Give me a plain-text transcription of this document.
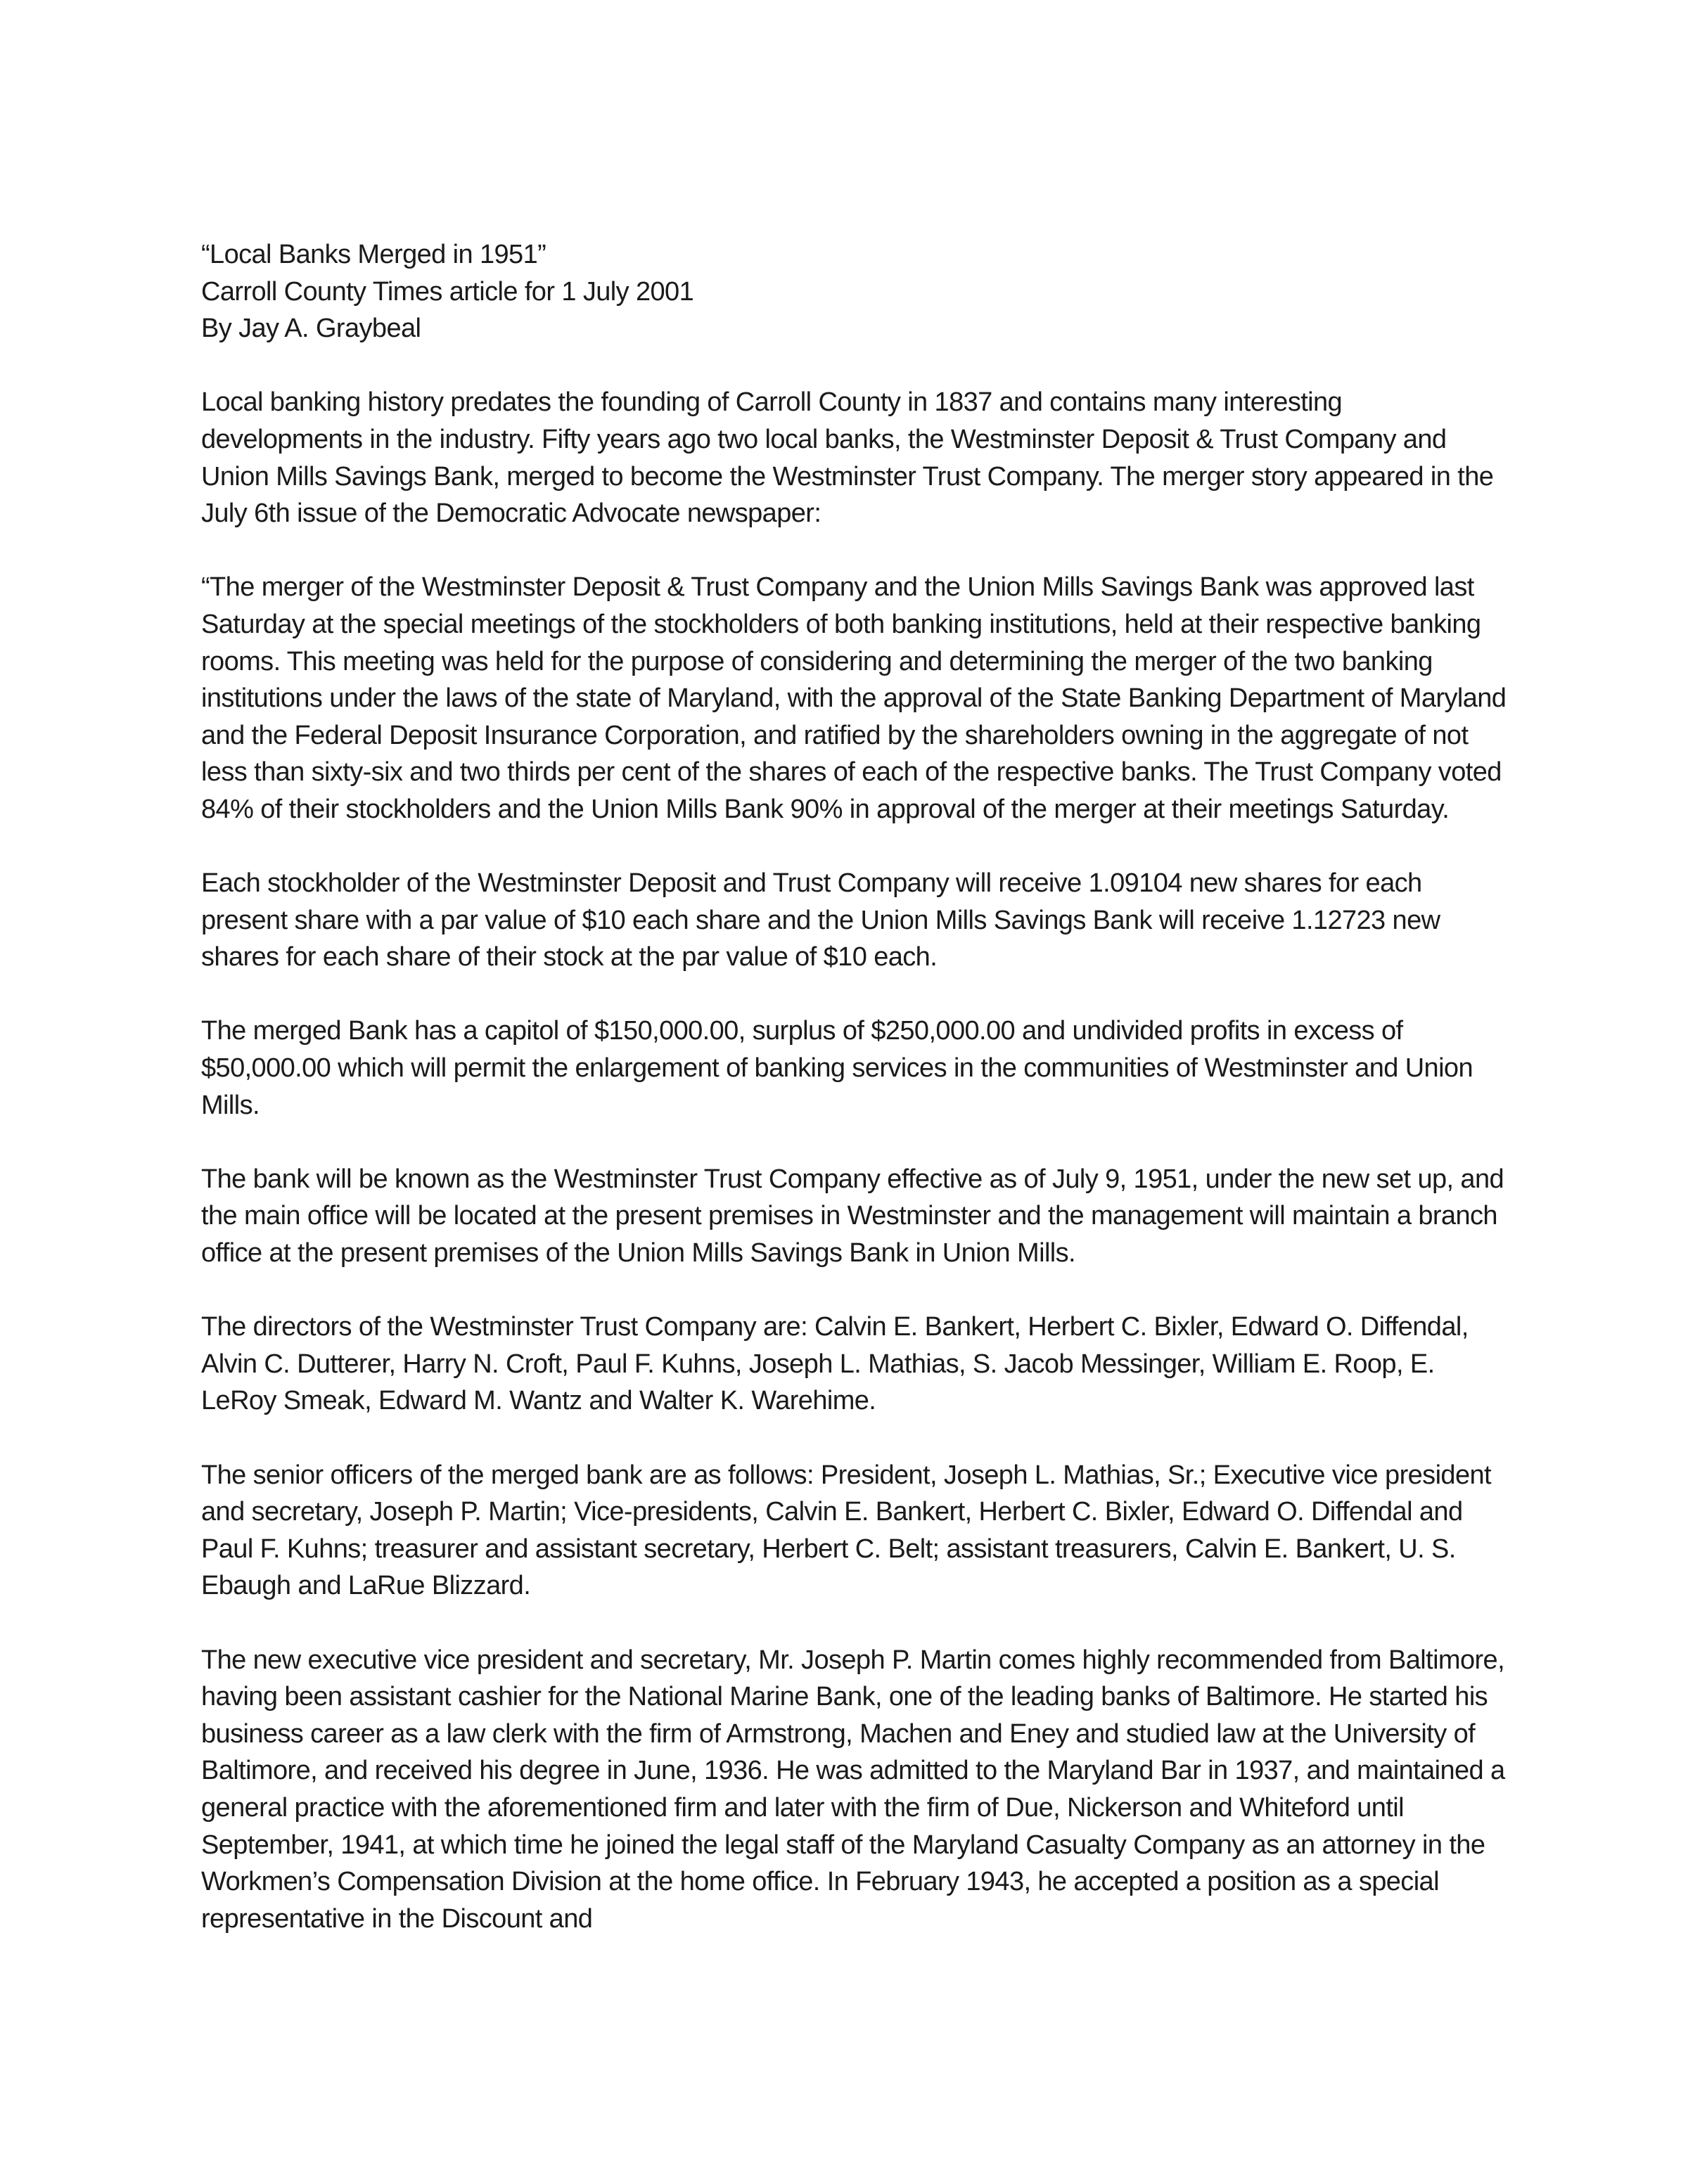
“Local Banks Merged in 1951”
Carroll County Times article for 1 July 2001
By Jay A. Graybeal

Local banking history predates the founding of Carroll County in 1837 and contains many interesting developments in the industry. Fifty years ago two local banks, the Westminster Deposit & Trust Company and Union Mills Savings Bank, merged to become the Westminster Trust Company. The merger story appeared in the July 6th issue of the Democratic Advocate newspaper:

“The merger of the Westminster Deposit & Trust Company and the Union Mills Savings Bank was approved last Saturday at the special meetings of the stockholders of both banking institutions, held at their respective banking rooms. This meeting was held for the purpose of considering and determining the merger of the two banking institutions under the laws of the state of Maryland, with the approval of the State Banking Department of Maryland and the Federal Deposit Insurance Corporation, and ratified by the shareholders owning in the aggregate of not less than sixty-six and two thirds per cent of the shares of each of the respective banks. The Trust Company voted 84% of their stockholders and the Union Mills Bank 90% in approval of the merger at their meetings Saturday.

Each stockholder of the Westminster Deposit and Trust Company will receive 1.09104 new shares for each present share with a par value of $10 each share and the Union Mills Savings Bank will receive 1.12723 new shares for each share of their stock at the par value of $10 each.

The merged Bank has a capitol of $150,000.00, surplus of $250,000.00 and undivided profits in excess of $50,000.00 which will permit the enlargement of banking services in the communities of Westminster and Union Mills.

The bank will be known as the Westminster Trust Company effective as of July 9, 1951, under the new set up, and the main office will be located at the present premises in Westminster and the management will maintain a branch office at the present premises of the Union Mills Savings Bank in Union Mills.

The directors of the Westminster Trust Company are: Calvin E. Bankert, Herbert C. Bixler, Edward O. Diffendal, Alvin C. Dutterer, Harry N. Croft, Paul F. Kuhns, Joseph L. Mathias, S. Jacob Messinger, William E. Roop, E. LeRoy Smeak, Edward M. Wantz and Walter K. Warehime.

The senior officers of the merged bank are as follows: President, Joseph L. Mathias, Sr.; Executive vice president and secretary, Joseph P. Martin; Vice-presidents, Calvin E. Bankert, Herbert C. Bixler, Edward O. Diffendal and Paul F. Kuhns; treasurer and assistant secretary, Herbert C. Belt; assistant treasurers, Calvin E. Bankert, U. S. Ebaugh and LaRue Blizzard.

The new executive vice president and secretary, Mr. Joseph P. Martin comes highly recommended from Baltimore, having been assistant cashier for the National Marine Bank, one of the leading banks of Baltimore. He started his business career as a law clerk with the firm of Armstrong, Machen and Eney and studied law at the University of Baltimore, and received his degree in June, 1936. He was admitted to the Maryland Bar in 1937, and maintained a general practice with the aforementioned firm and later with the firm of Due, Nickerson and Whiteford until September, 1941, at which time he joined the legal staff of the Maryland Casualty Company as an attorney in the Workmen’s Compensation Division at the home office. In February 1943, he accepted a position as a special representative in the Discount and
